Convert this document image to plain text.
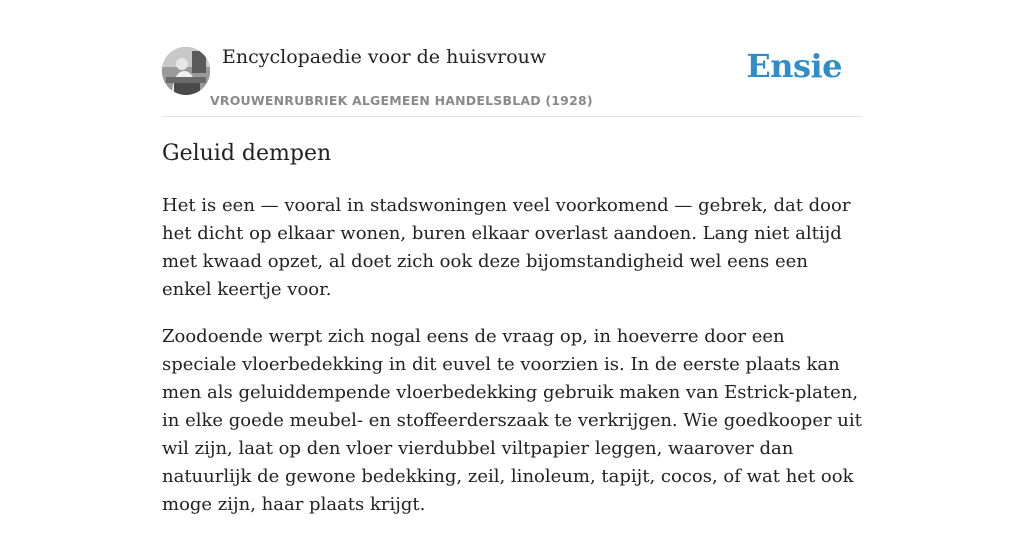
Encyclopaedie voor de huisvrouw
VROUWENRUBRIEK ALGEMEEN HANDELSBLAD (1928)
Ensie
Geluid dempen

Het is een — vooral in stadswoningen veel voorkomend — gebrek, dat door het dicht op elkaar wonen, buren elkaar overlast aandoen. Lang niet altijd met kwaad opzet, al doet zich ook deze bijomstandigheid wel eens een enkel keertje voor.

Zoodoende werpt zich nogal eens de vraag op, in hoeverre door een speciale vloerbedekking in dit euvel te voorzien is. In de eerste plaats kan men als geluiddempende vloerbedekking gebruik maken van Estrick-platen, in elke goede meubel- en stoffeerderszaak te verkrijgen. Wie goedkooper uit wil zijn, laat op den vloer vierdubbel viltpapier leggen, waarover dan natuurlijk de gewone bedekking, zeil, linoleum, tapijt, cocos, of wat het ook moge zijn, haar plaats krijgt.
